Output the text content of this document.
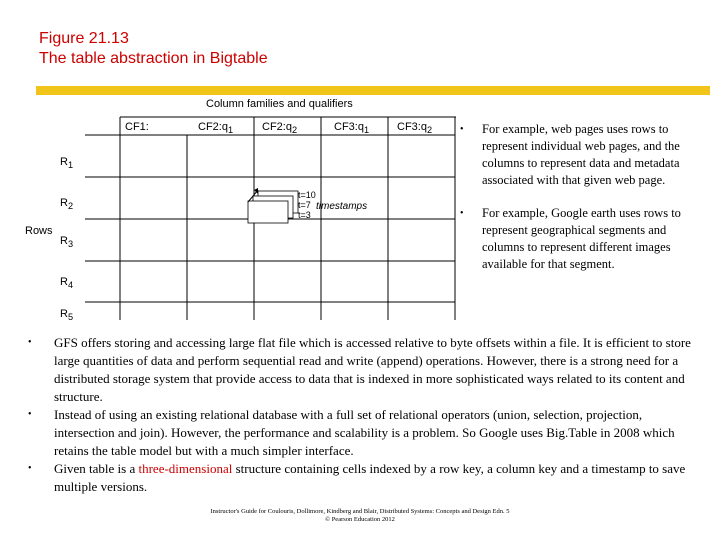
Figure 21.13
The table abstraction in Bigtable
Column families and qualifiers
CF1:	$CF2:q_1$	$CF2:q_2$	$CF3:q_1$	$CF3:q_2$
$R_1$
$R_2$
$R_3$
$R_4$
$R_5$
Rows
t=10
t=7
t=3
timestamps
• For example, web pages uses rows to represent individual web pages, and the columns to represent data and metadata associated with that given web page.
• For example, Google earth uses rows to represent geographical segments and columns to represent different images available for that segment.
• GFS offers storing and accessing large flat file which is accessed relative to byte offsets within a file. It is efficient to store large quantities of data and perform sequential read and write (append) operations. However, there is a strong need for a distributed storage system that provide access to data that is indexed in more sophisticated ways related to its content and structure.
• Instead of using an existing relational database with a full set of relational operators (union, selection, projection, intersection and join). However, the performance and scalability is a problem. So Google uses Big.Table in 2008 which retains the table model but with a much simpler interface.
• Given table is a three-dimensional structure containing cells indexed by a row key, a column key and a timestamp to save multiple versions.
Instructor's Guide for Coulouris, Dollimore, Kindberg and Blair, Distributed Systems: Concepts and Design Edn. 5
© Pearson Education 2012
